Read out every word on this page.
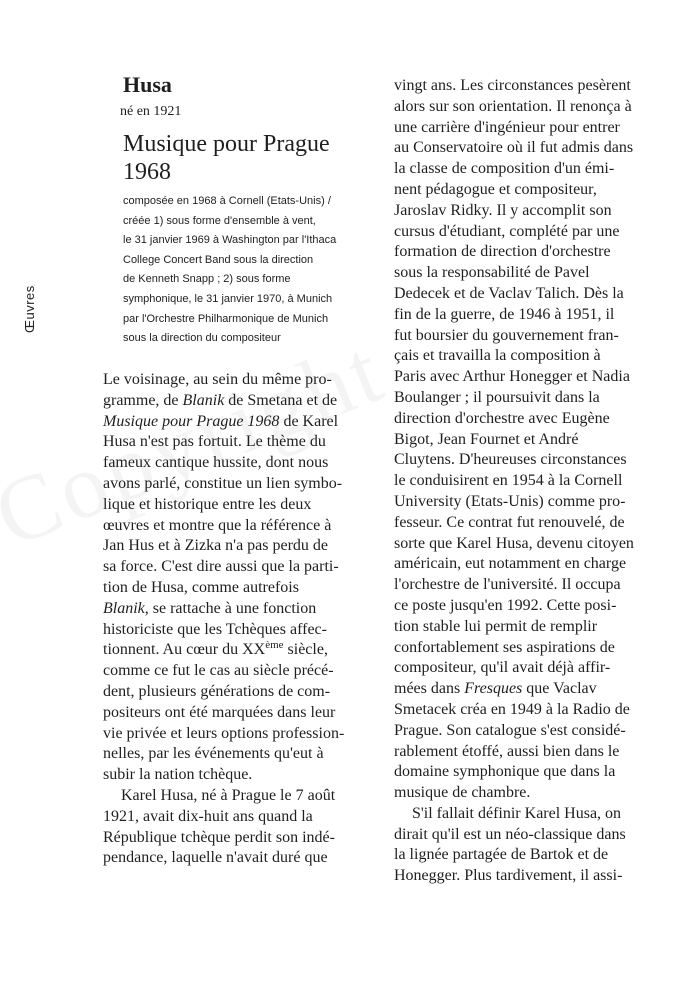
Œuvres
Husa
né en 1921
Musique pour Prague 1968
composée en 1968 à Cornell (Etats-Unis) /
créée 1) sous forme d'ensemble à vent,
le 31 janvier 1969 à Washington par l'Ithaca
College Concert Band sous la direction
de Kenneth Snapp ; 2) sous forme
symphonique, le 31 janvier 1970, à Munich
par l'Orchestre Philharmonique de Munich
sous la direction du compositeur
Le voisinage, au sein du même pro-
gramme, de Blanik de Smetana et de
Musique pour Prague 1968 de Karel
Husa n'est pas fortuit. Le thème du
fameux cantique hussite, dont nous
avons parlé, constitue un lien symbo-
lique et historique entre les deux
œuvres et montre que la référence à
Jan Hus et à Zizka n'a pas perdu de
sa force. C'est dire aussi que la parti-
tion de Husa, comme autrefois
Blanik, se rattache à une fonction
historiciste que les Tchèques affec-
tionnent. Au cœur du XXème siècle,
comme ce fut le cas au siècle précé-
dent, plusieurs générations de com-
positeurs ont été marquées dans leur
vie privée et leurs options profession-
nelles, par les événements qu'eut à
subir la nation tchèque.
Karel Husa, né à Prague le 7 août
1921, avait dix-huit ans quand la
République tchèque perdit son indé-
pendance, laquelle n'avait duré que
vingt ans. Les circonstances pesèrent
alors sur son orientation. Il renonça à
une carrière d'ingénieur pour entrer
au Conservatoire où il fut admis dans
la classe de composition d'un émi-
nent pédagogue et compositeur,
Jaroslav Ridky. Il y accomplit son
cursus d'étudiant, complété par une
formation de direction d'orchestre
sous la responsabilité de Pavel
Dedecek et de Vaclav Talich. Dès la
fin de la guerre, de 1946 à 1951, il
fut boursier du gouvernement fran-
çais et travailla la composition à
Paris avec Arthur Honegger et Nadia
Boulanger ; il poursuivit dans la
direction d'orchestre avec Eugène
Bigot, Jean Fournet et André
Cluytens. D'heureuses circonstances
le conduisirent en 1954 à la Cornell
University (Etats-Unis) comme pro-
fesseur. Ce contrat fut renouvelé, de
sorte que Karel Husa, devenu citoyen
américain, eut notamment en charge
l'orchestre de l'université. Il occupa
ce poste jusqu'en 1992. Cette posi-
tion stable lui permit de remplir
confortablement ses aspirations de
compositeur, qu'il avait déjà affir-
mées dans Fresques que Vaclav
Smetacek créa en 1949 à la Radio de
Prague. Son catalogue s'est considé-
rablement étoffé, aussi bien dans le
domaine symphonique que dans la
musique de chambre.
S'il fallait définir Karel Husa, on
dirait qu'il est un néo-classique dans
la lignée partagée de Bartok et de
Honegger. Plus tardivement, il assi-
